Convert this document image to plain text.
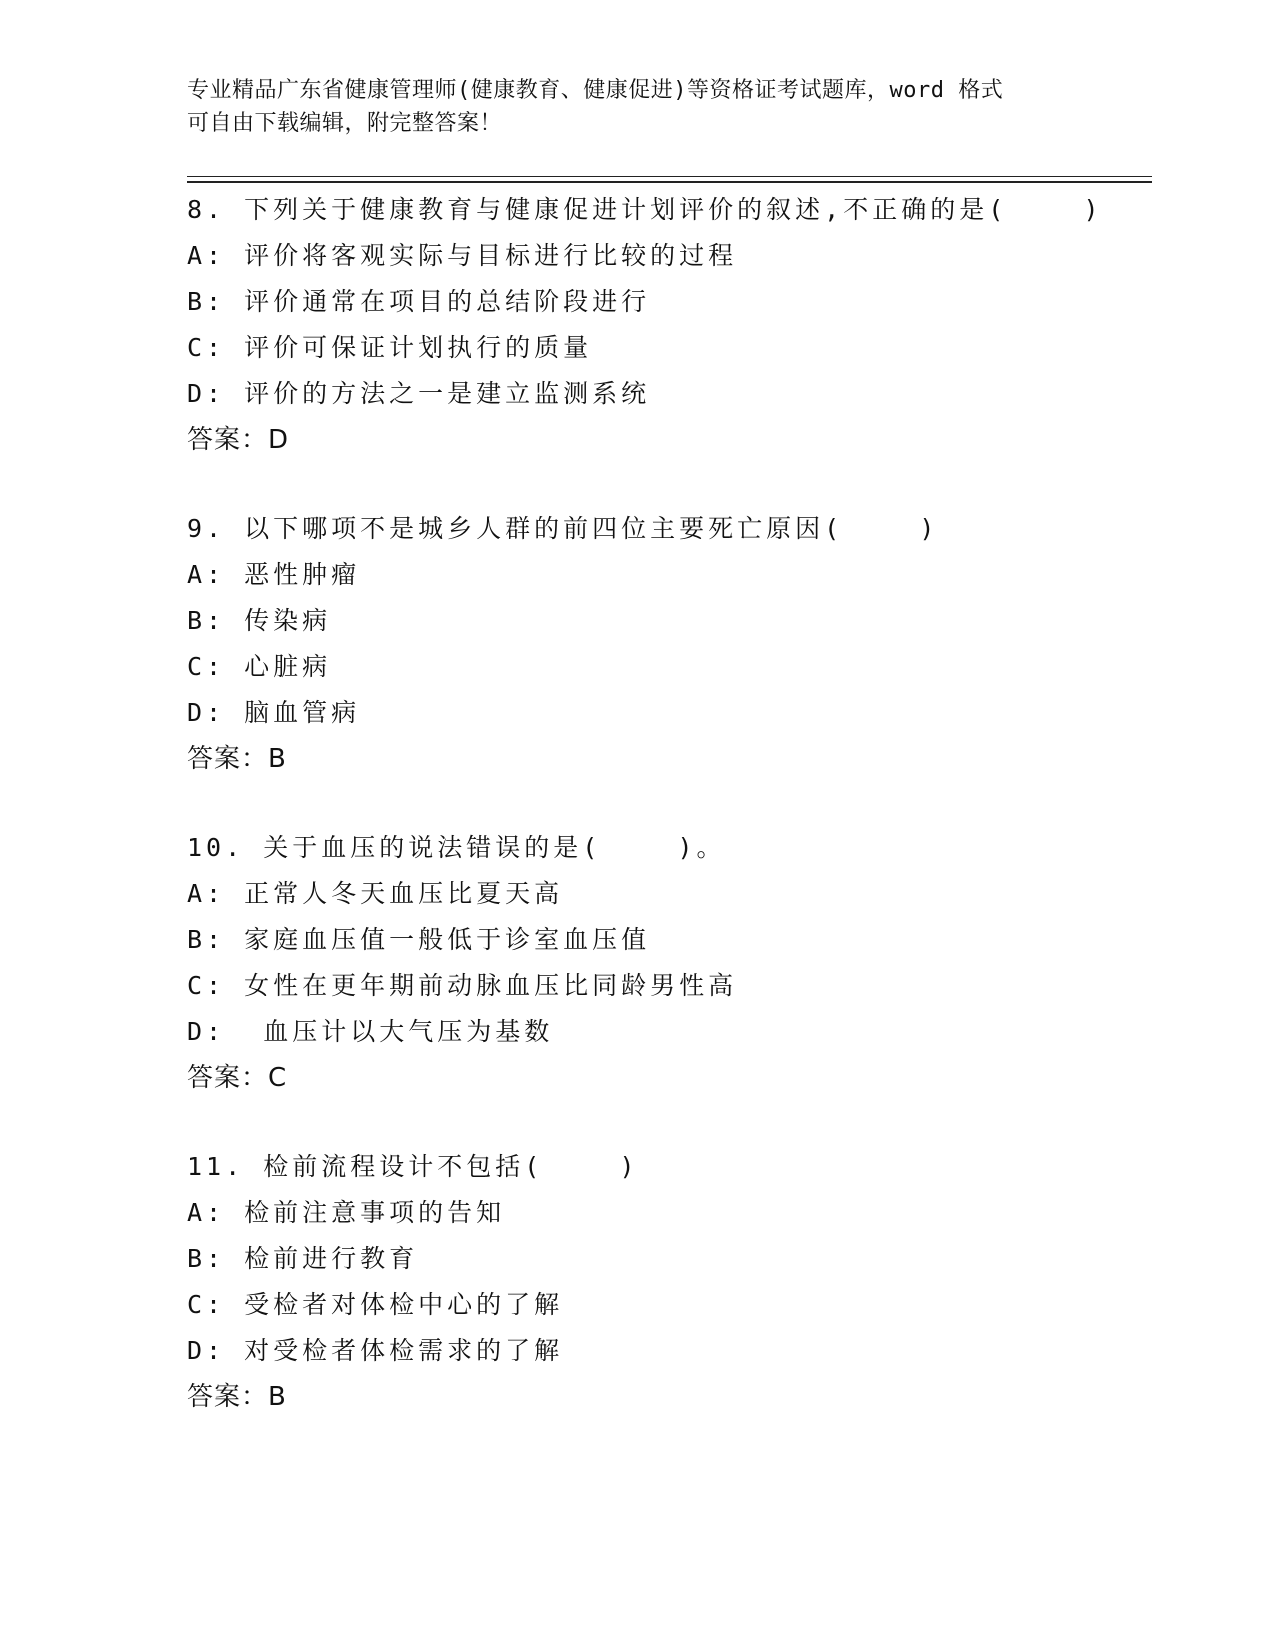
专业精品广东省健康管理师(健康教育、健康促进)等资格证考试题库，word 格式
可自由下载编辑，附完整答案！
8. 下列关于健康教育与健康促进计划评价的叙述,不正确的是(    )
A: 评价将客观实际与目标进行比较的过程
B: 评价通常在项目的总结阶段进行
C: 评价可保证计划执行的质量
D: 评价的方法之一是建立监测系统
答案：D
9. 以下哪项不是城乡人群的前四位主要死亡原因(    )
A: 恶性肿瘤
B: 传染病
C: 心脏病
D: 脑血管病
答案：B
10. 关于血压的说法错误的是(    )。
A: 正常人冬天血压比夏天高
B: 家庭血压值一般低于诊室血压值
C: 女性在更年期前动脉血压比同龄男性高
D:  血压计以大气压为基数
答案：C
11. 检前流程设计不包括(    )
A: 检前注意事项的告知
B: 检前进行教育
C: 受检者对体检中心的了解
D: 对受检者体检需求的了解
答案：B
